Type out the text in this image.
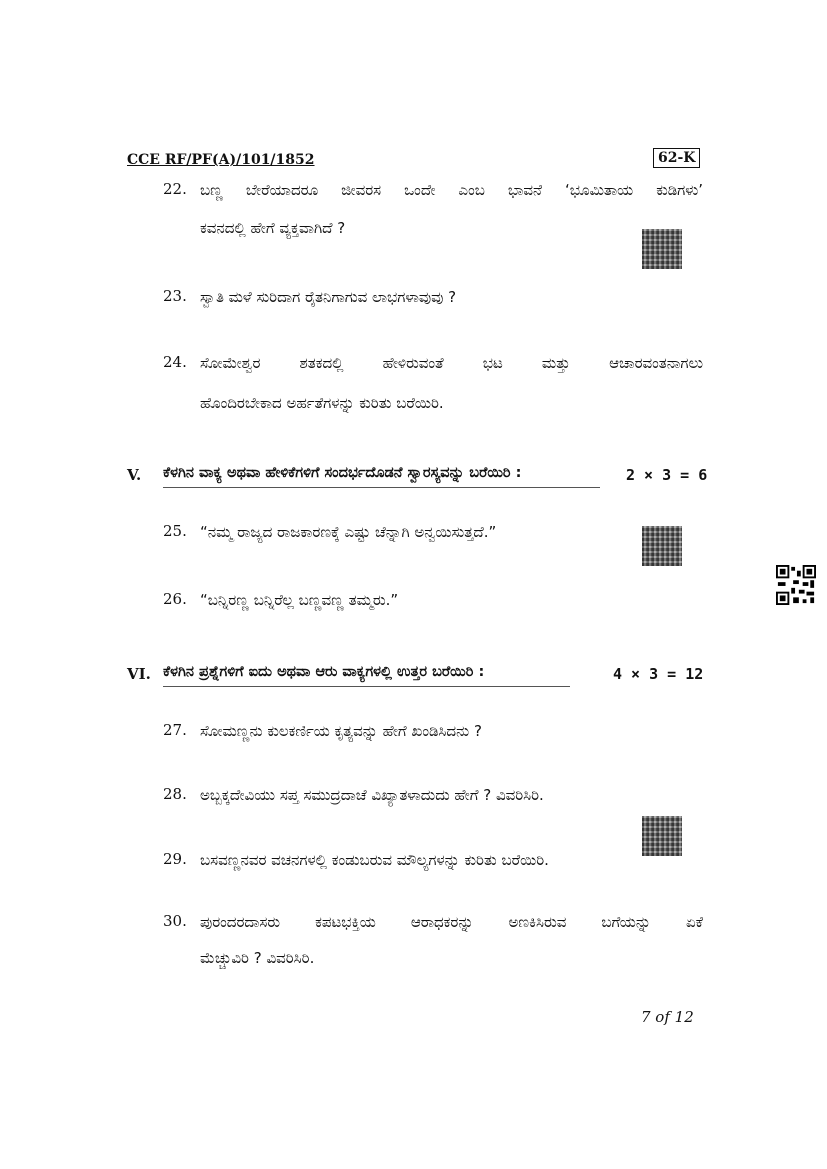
CCE RF/PF(A)/101/1852	62-K
22. ಬಣ್ಣ ಬೇರೆಯಾದರೂ ಜೀವರಸ ಒಂದೇ ಎಂಬ ಭಾವನೆ ‘ಭೂಮಿತಾಯ ಕುಡಿಗಳು’
ಕವನದಲ್ಲಿ ಹೇಗೆ ವ್ಯಕ್ತವಾಗಿದೆ ?
23. ಸ್ವಾತಿ ಮಳೆ ಸುರಿದಾಗ ರೈತನಿಗಾಗುವ ಲಾಭಗಳಾವುವು ?
24. ಸೋಮೇಶ್ವರ ಶತಕದಲ್ಲಿ ಹೇಳಿರುವಂತೆ ಭಟ ಮತ್ತು ಆಚಾರವಂತನಾಗಲು
ಹೊಂದಿರಬೇಕಾದ ಅರ್ಹತೆಗಳನ್ನು ಕುರಿತು ಬರೆಯಿರಿ.
V. ಕೆಳಗಿನ ವಾಕ್ಯ ಅಥವಾ ಹೇಳಿಕೆಗಳಿಗೆ ಸಂದರ್ಭದೊಡನೆ ಸ್ವಾರಸ್ಯವನ್ನು ಬರೆಯಿರಿ :	2 × 3 = 6
25. “ನಮ್ಮ ರಾಜ್ಯದ ರಾಜಕಾರಣಕ್ಕೆ ಎಷ್ಟು ಚೆನ್ನಾಗಿ ಅನ್ವಯಿಸುತ್ತದೆ.”
26. “ಬನ್ನಿರಣ್ಣ ಬನ್ನಿರೆಲ್ಲ ಬಣ್ಣವಣ್ಣ ತಮ್ಮರು.”
VI. ಕೆಳಗಿನ ಪ್ರಶ್ನೆಗಳಿಗೆ ಐದು ಅಥವಾ ಆರು ವಾಕ್ಯಗಳಲ್ಲಿ ಉತ್ತರ ಬರೆಯಿರಿ :	4 × 3 = 12
27. ಸೋಮಣ್ಣನು ಕುಲಕರ್ಣಿಯ ಕೃತ್ಯವನ್ನು ಹೇಗೆ ಖಂಡಿಸಿದನು ?
28. ಅಬ್ಬಕ್ಕದೇವಿಯು ಸಪ್ತ ಸಮುದ್ರದಾಚೆ ವಿಖ್ಯಾತಳಾದುದು ಹೇಗೆ ? ವಿವರಿಸಿರಿ.
29. ಬಸವಣ್ಣನವರ ವಚನಗಳಲ್ಲಿ ಕಂಡುಬರುವ ಮೌಲ್ಯಗಳನ್ನು ಕುರಿತು ಬರೆಯಿರಿ.
30. ಪುರಂದರದಾಸರು ಕಪಟಭಕ್ತಿಯ ಆರಾಧಕರನ್ನು ಅಣಕಿಸಿರುವ ಬಗೆಯನ್ನು ಏಕೆ
ಮೆಚ್ಚುವಿರಿ ? ವಿವರಿಸಿರಿ.
7 of 12
